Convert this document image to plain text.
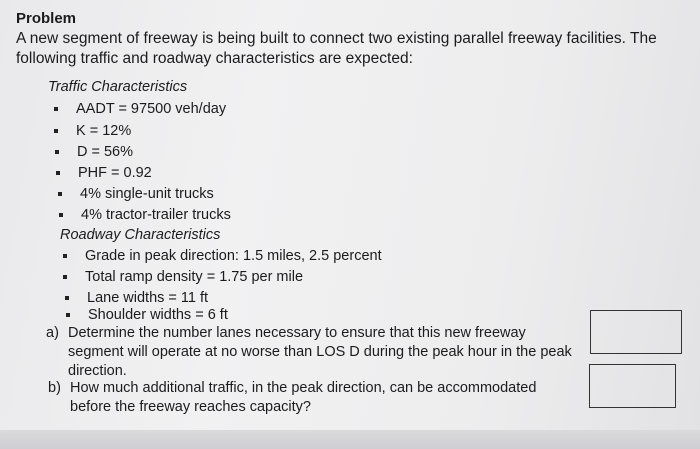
Problem
A new segment of freeway is being built to connect two existing parallel freeway facilities. The following traffic and roadway characteristics are expected:
Traffic Characteristics
AADT = 97500 veh/day
K = 12%
D = 56%
PHF = 0.92
4% single-unit trucks
4% tractor-trailer trucks
Roadway Characteristics
Grade in peak direction: 1.5 miles, 2.5 percent
Total ramp density = 1.75 per mile
Lane widths = 11 ft
Shoulder widths = 6 ft
a) Determine the number lanes necessary to ensure that this new freeway
segment will operate at no worse than LOS D during the peak hour in the peak
direction.
b) How much additional traffic, in the peak direction, can be accommodated
before the freeway reaches capacity?
